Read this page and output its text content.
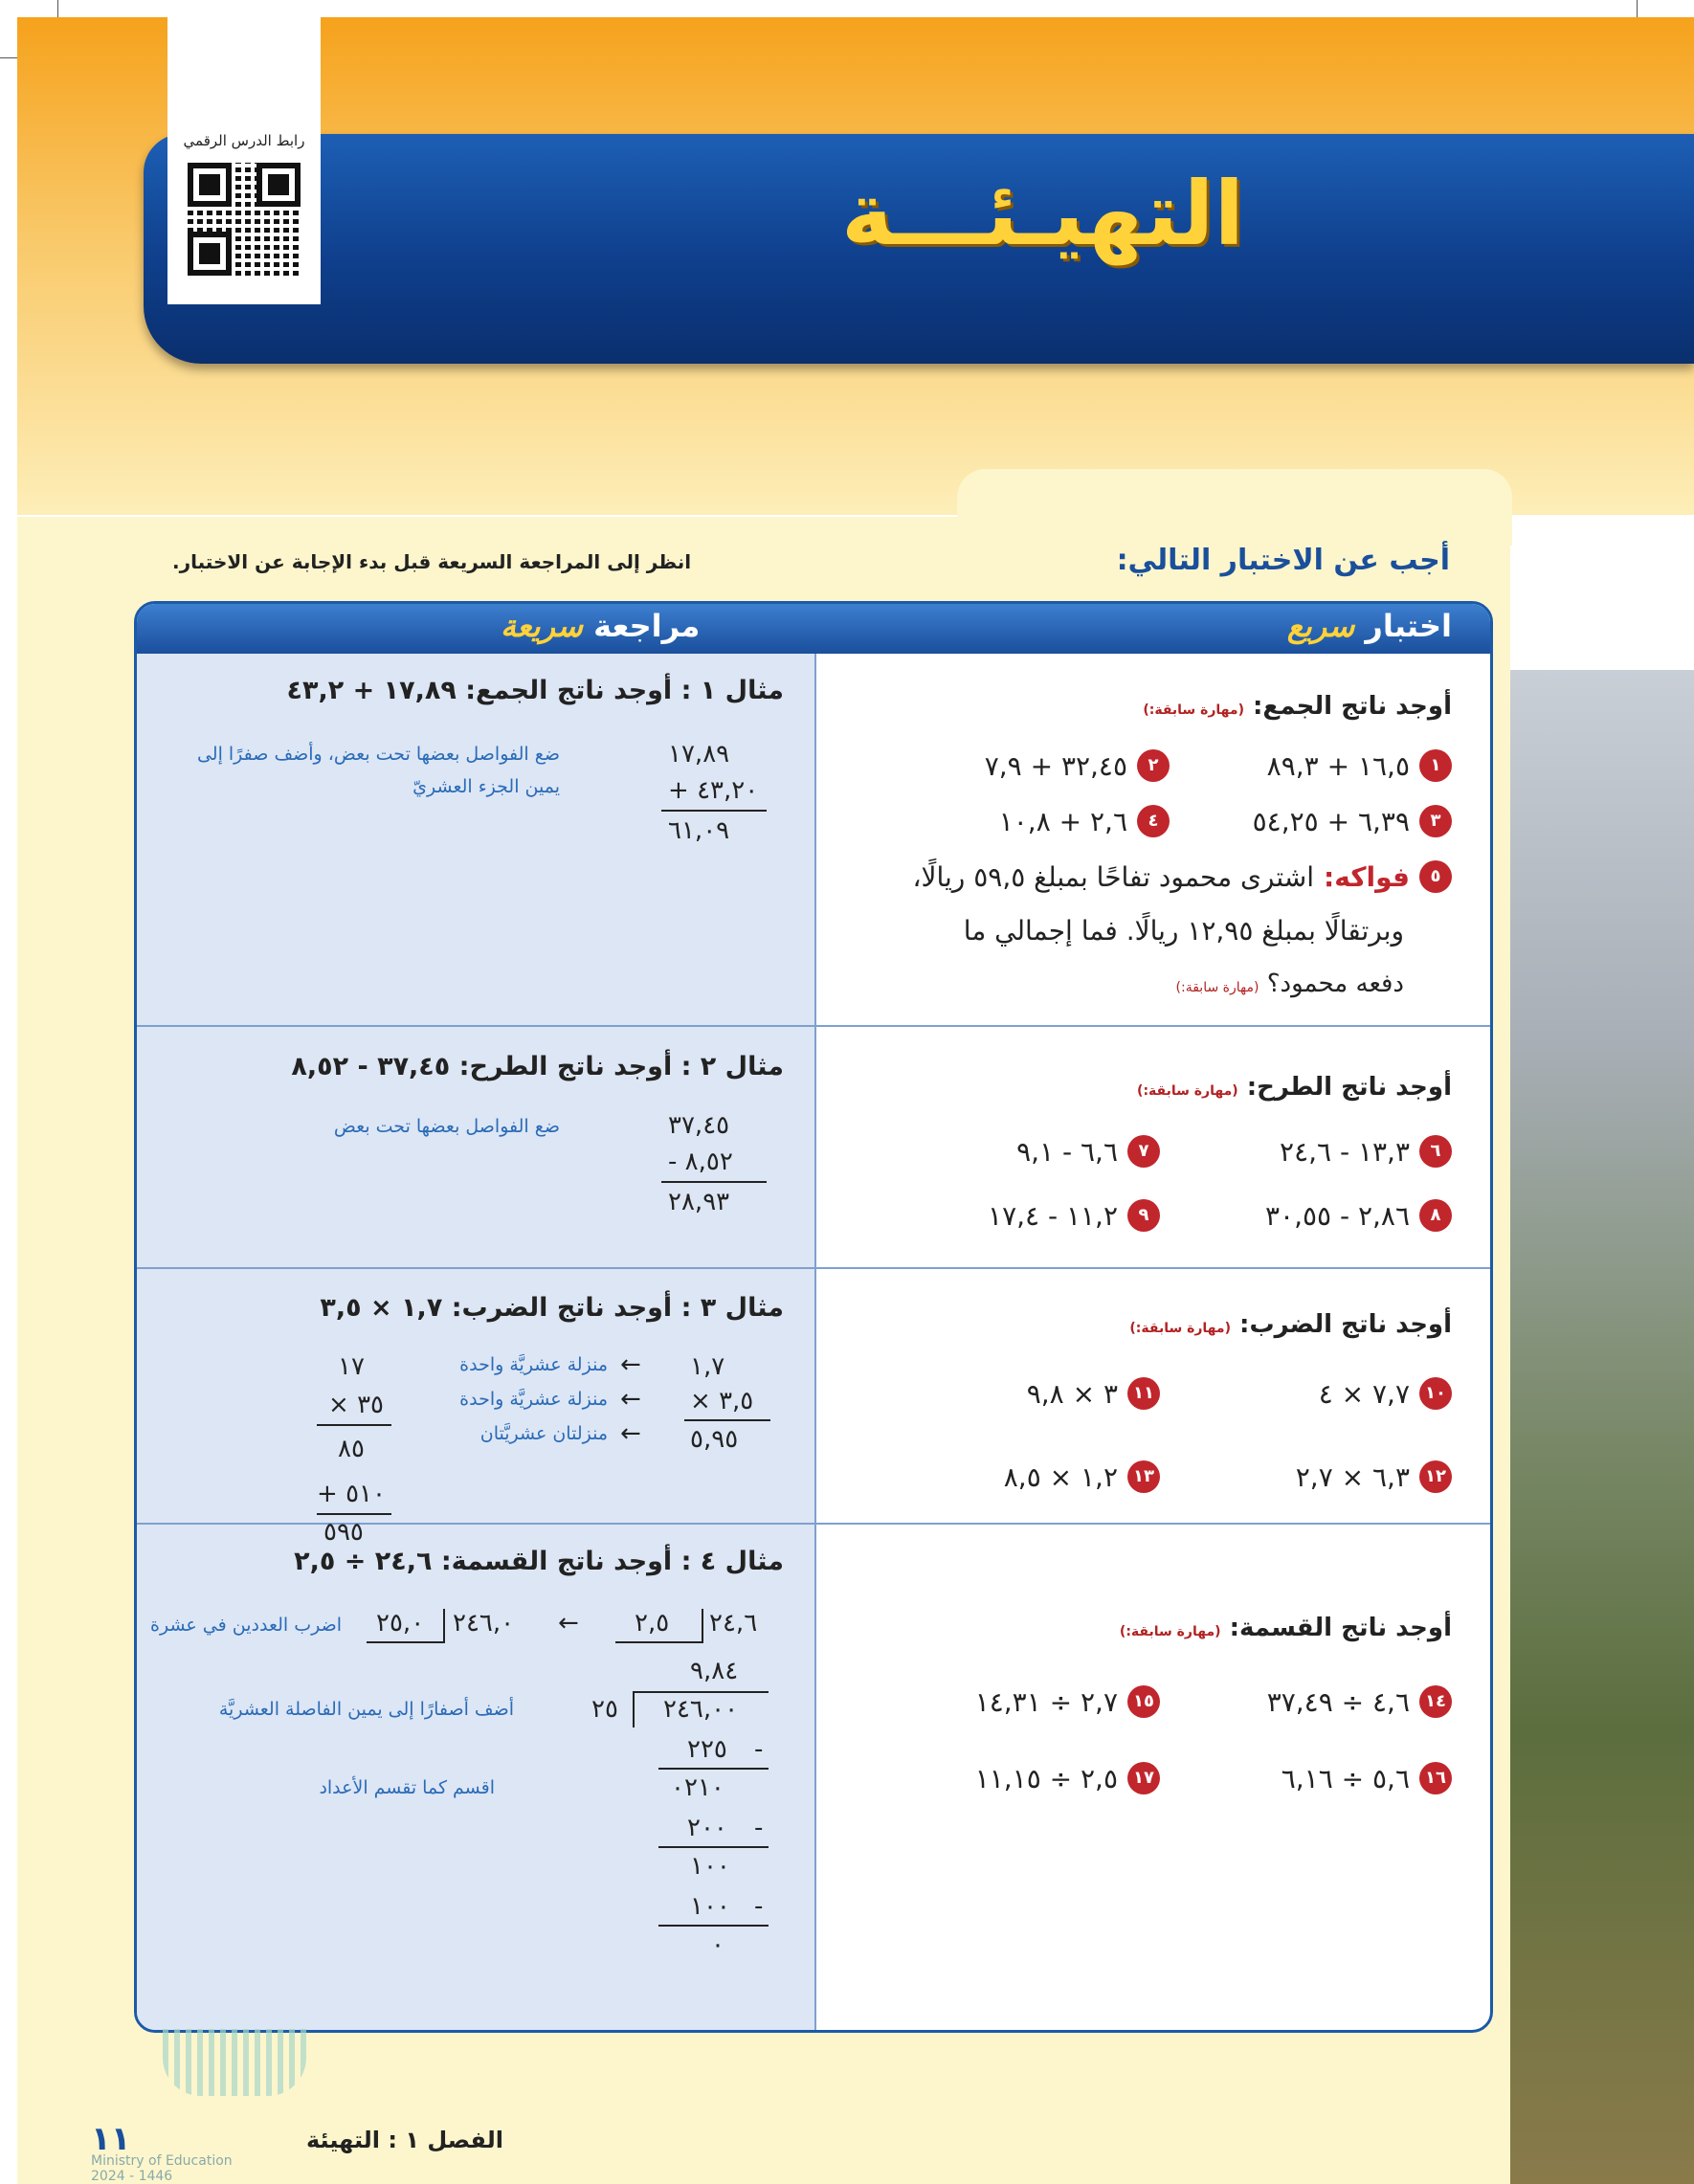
التهيـئـــة
رابط الدرس الرقمي
أجب عن الاختبار التالي:
انظر إلى المراجعة السريعة قبل بدء الإجابة عن الاختبار.
اختبار سريع
مراجعة سريعة
أوجد ناتج الجمع: (مهارة سابقة:)
١
١٦,٥ + ٨٩,٣
٢
٣٢,٤٥ + ٧,٩
٣
٦,٣٩ + ٥٤,٢٥
٤
٢,٦ + ١٠,٨
٥
فواكه:
اشترى محمود تفاحًا بمبلغ ٥٩,٥ ريالًا،
وبرتقالًا بمبلغ ١٢,٩٥ ريالًا. فما إجمالي ما
دفعه محمود؟ (مهارة سابقة:)
أوجد ناتج الطرح: (مهارة سابقة:)
٦
١٣,٣ - ٢٤,٦
٧
٦,٦ - ٩,١
٨
٢,٨٦ - ٣٠,٥٥
٩
١١,٢ - ١٧,٤
أوجد ناتج الضرب: (مهارة سابقة:)
١٠
٧,٧ × ٤
١١
٣ × ٩,٨
١٢
٦,٣ × ٢,٧
١٣
١,٢ × ٨,٥
أوجد ناتج القسمة: (مهارة سابقة:)
١٤
٤,٦ ÷ ٣٧,٤٩
١٥
٢,٧ ÷ ١٤,٣١
١٦
٥,٦ ÷ ٦,١٦
١٧
٢,٥ ÷ ١١,١٥
مثال ١ : أوجد ناتج الجمع: ١٧,٨٩ + ٤٣,٢
١٧,٨٩
+ ٤٣,٢٠
٦١,٠٩
ضع الفواصل بعضها تحت بعض، وأضف صفرًا إلى
يمين الجزء العشريّ
مثال ٢ : أوجد ناتج الطرح: ٣٧,٤٥ - ٨,٥٢
٣٧,٤٥
- ٨,٥٢
٢٨,٩٣
ضع الفواصل بعضها تحت بعض
مثال ٣ : أوجد ناتج الضرب: ١,٧ × ٣,٥
١,٧
× ٣,٥
٥,٩٥
←
←
←
منزلة عشريَّة واحدة
منزلة عشريَّة واحدة
منزلتان عشريَّتان
١٧
× ٣٥
٨٥
+ ٥١٠
٥٩٥
مثال ٤ : أوجد ناتج القسمة: ٢٤,٦ ÷ ٢,٥
٢٤,٦
٢,٥
←
٢٤٦,٠
٢٥,٠
اضرب العددين في عشرة
٩,٨٤
٢٤٦,٠٠
٢٥
أضف أصفارًا إلى يمين الفاصلة العشريَّة
٢٢٥ -
٠٢١٠
اقسم كما تقسم الأعداد
٢٠٠ -
١٠٠
١٠٠ -
٠
١١	الفصل ١ : التهيئة
Ministry of Education
2024 - 1446
